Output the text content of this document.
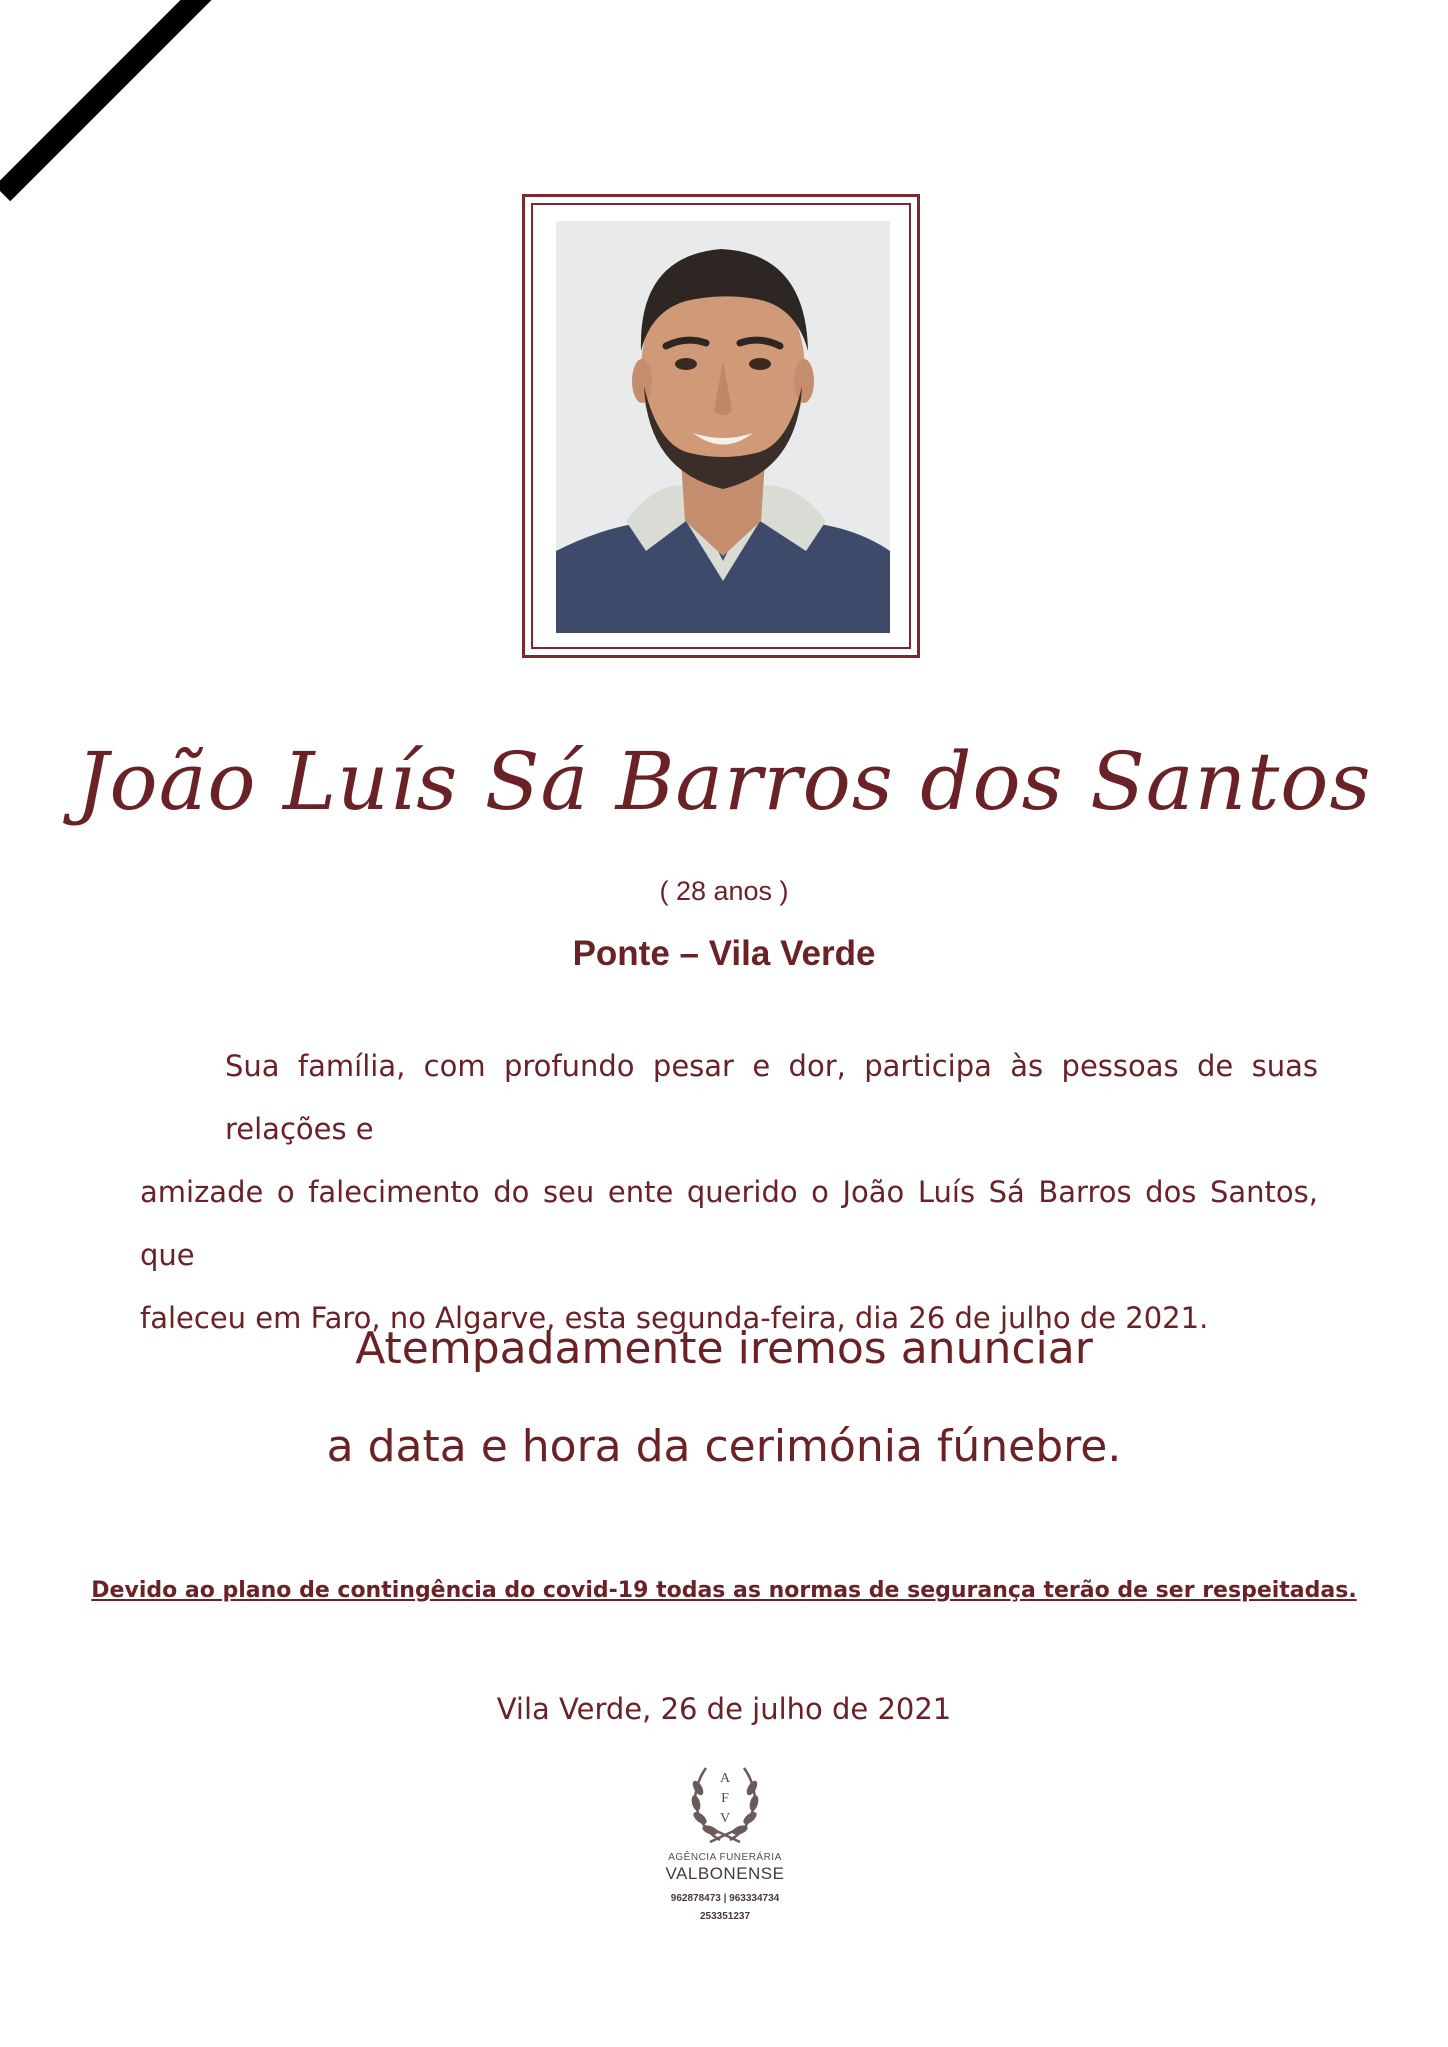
João Luís Sá Barros dos Santos
( 28 anos )
Ponte – Vila Verde

Sua família, com profundo pesar e dor, participa às pessoas de suas relações e
amizade o falecimento do seu ente querido o João Luís Sá Barros dos Santos, que
faleceu em Faro, no Algarve, esta segunda-feira, dia 26 de julho de 2021.

Atempadamente iremos anunciar
a data e hora da cerimónia fúnebre.
Devido ao plano de contingência do covid-19 todas as normas de segurança terão de ser respeitadas.
Vila Verde, 26 de julho de 2021
A
F
V
AGÊNCIA FUNERÁRIA
VALBONENSE
962878473 | 963334734
253351237
